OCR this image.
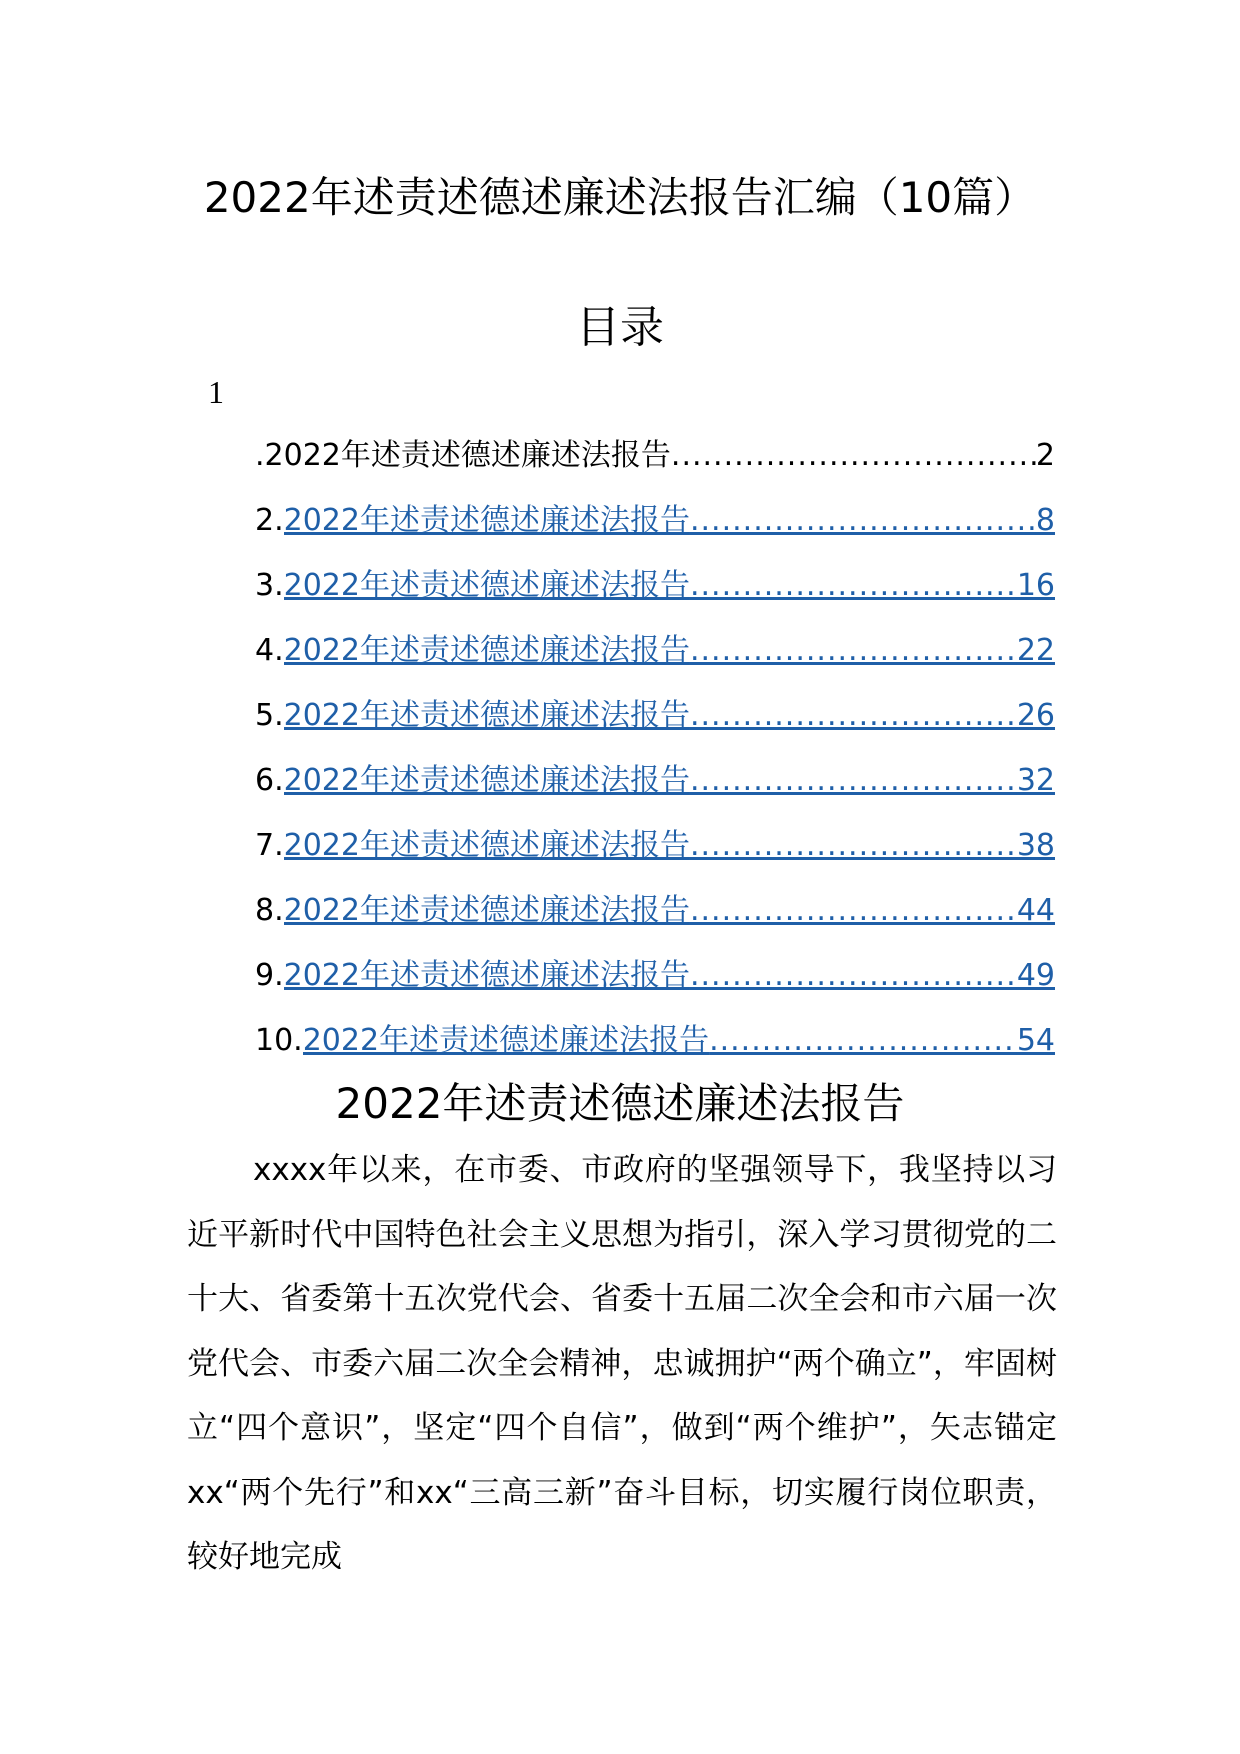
2022年述责述德述廉述法报告汇编（10篇）
目录
1
. 2022年述责述德述廉述法报告 .....	2
2. 2022年述责述德述廉述法报告 .....	8
3. 2022年述责述德述廉述法报告 .....	16
4. 2022年述责述德述廉述法报告 .....	22
5. 2022年述责述德述廉述法报告 .....	26
6. 2022年述责述德述廉述法报告 .....	32
7. 2022年述责述德述廉述法报告 .....	38
8. 2022年述责述德述廉述法报告 .....	44
9. 2022年述责述德述廉述法报告 .....	49
10. 2022年述责述德述廉述法报告 .....	54
2022年述责述德述廉述法报告

xxxx年以来，在市委、市政府的坚强领导下，我坚持以习近平新时代中国特色社会主义思想为指引，深入学习贯彻党的二十大、省委第十五次党代会、省委十五届二次全会和市六届一次党代会、市委六届二次全会精神，忠诚拥护“两个确立”，牢固树立“四个意识”，坚定“四个自信”，做到“两个维护”，矢志锚定xx“两个先行”和xx“三高三新”奋斗目标，切实履行岗位职责，较好地完成
